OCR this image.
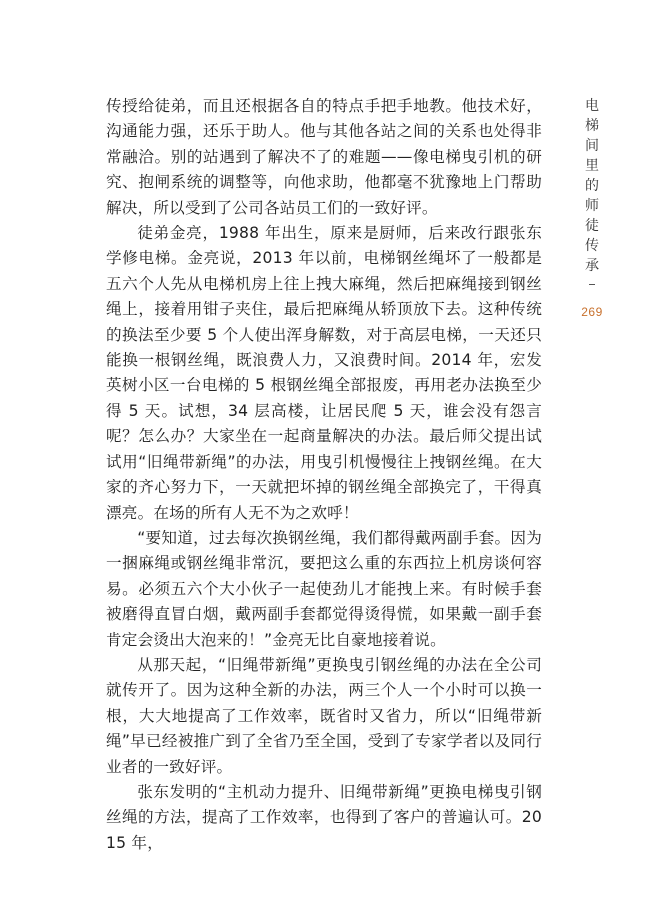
传授给徒弟，而且还根据各自的特点手把手地教。他技术好，沟通能力强，还乐于助人。他与其他各站之间的关系也处得非常融洽。别的站遇到了解决不了的难题——像电梯曳引机的研究、抱闸系统的调整等，向他求助，他都毫不犹豫地上门帮助解决，所以受到了公司各站员工们的一致好评。

徒弟金亮，1988 年出生，原来是厨师，后来改行跟张东学修电梯。金亮说，2013 年以前，电梯钢丝绳坏了一般都是五六个人先从电梯机房上往上拽大麻绳，然后把麻绳接到钢丝绳上，接着用钳子夹住，最后把麻绳从轿顶放下去。这种传统的换法至少要 5 个人使出浑身解数，对于高层电梯，一天还只能换一根钢丝绳，既浪费人力，又浪费时间。2014 年，宏发英树小区一台电梯的 5 根钢丝绳全部报废，再用老办法换至少得 5 天。试想，34 层高楼，让居民爬 5 天，谁会没有怨言呢？怎么办？大家坐在一起商量解决的办法。最后师父提出试试用“旧绳带新绳”的办法，用曳引机慢慢往上拽钢丝绳。在大家的齐心努力下，一天就把坏掉的钢丝绳全部换完了，干得真漂亮。在场的所有人无不为之欢呼！

“要知道，过去每次换钢丝绳，我们都得戴两副手套。因为一捆麻绳或钢丝绳非常沉，要把这么重的东西拉上机房谈何容易。必须五六个大小伙子一起使劲儿才能拽上来。有时候手套被磨得直冒白烟，戴两副手套都觉得烫得慌，如果戴一副手套肯定会烫出大泡来的！”金亮无比自豪地接着说。

从那天起，“旧绳带新绳”更换曳引钢丝绳的办法在全公司就传开了。因为这种全新的办法，两三个人一个小时可以换一根，大大地提高了工作效率，既省时又省力，所以“旧绳带新绳”早已经被推广到了全省乃至全国，受到了专家学者以及同行业者的一致好评。

张东发明的“主机动力提升、旧绳带新绳”更换电梯曳引钢丝绳的方法，提高了工作效率，也得到了客户的普遍认可。2015 年，

电梯间里的师徒传承
269
